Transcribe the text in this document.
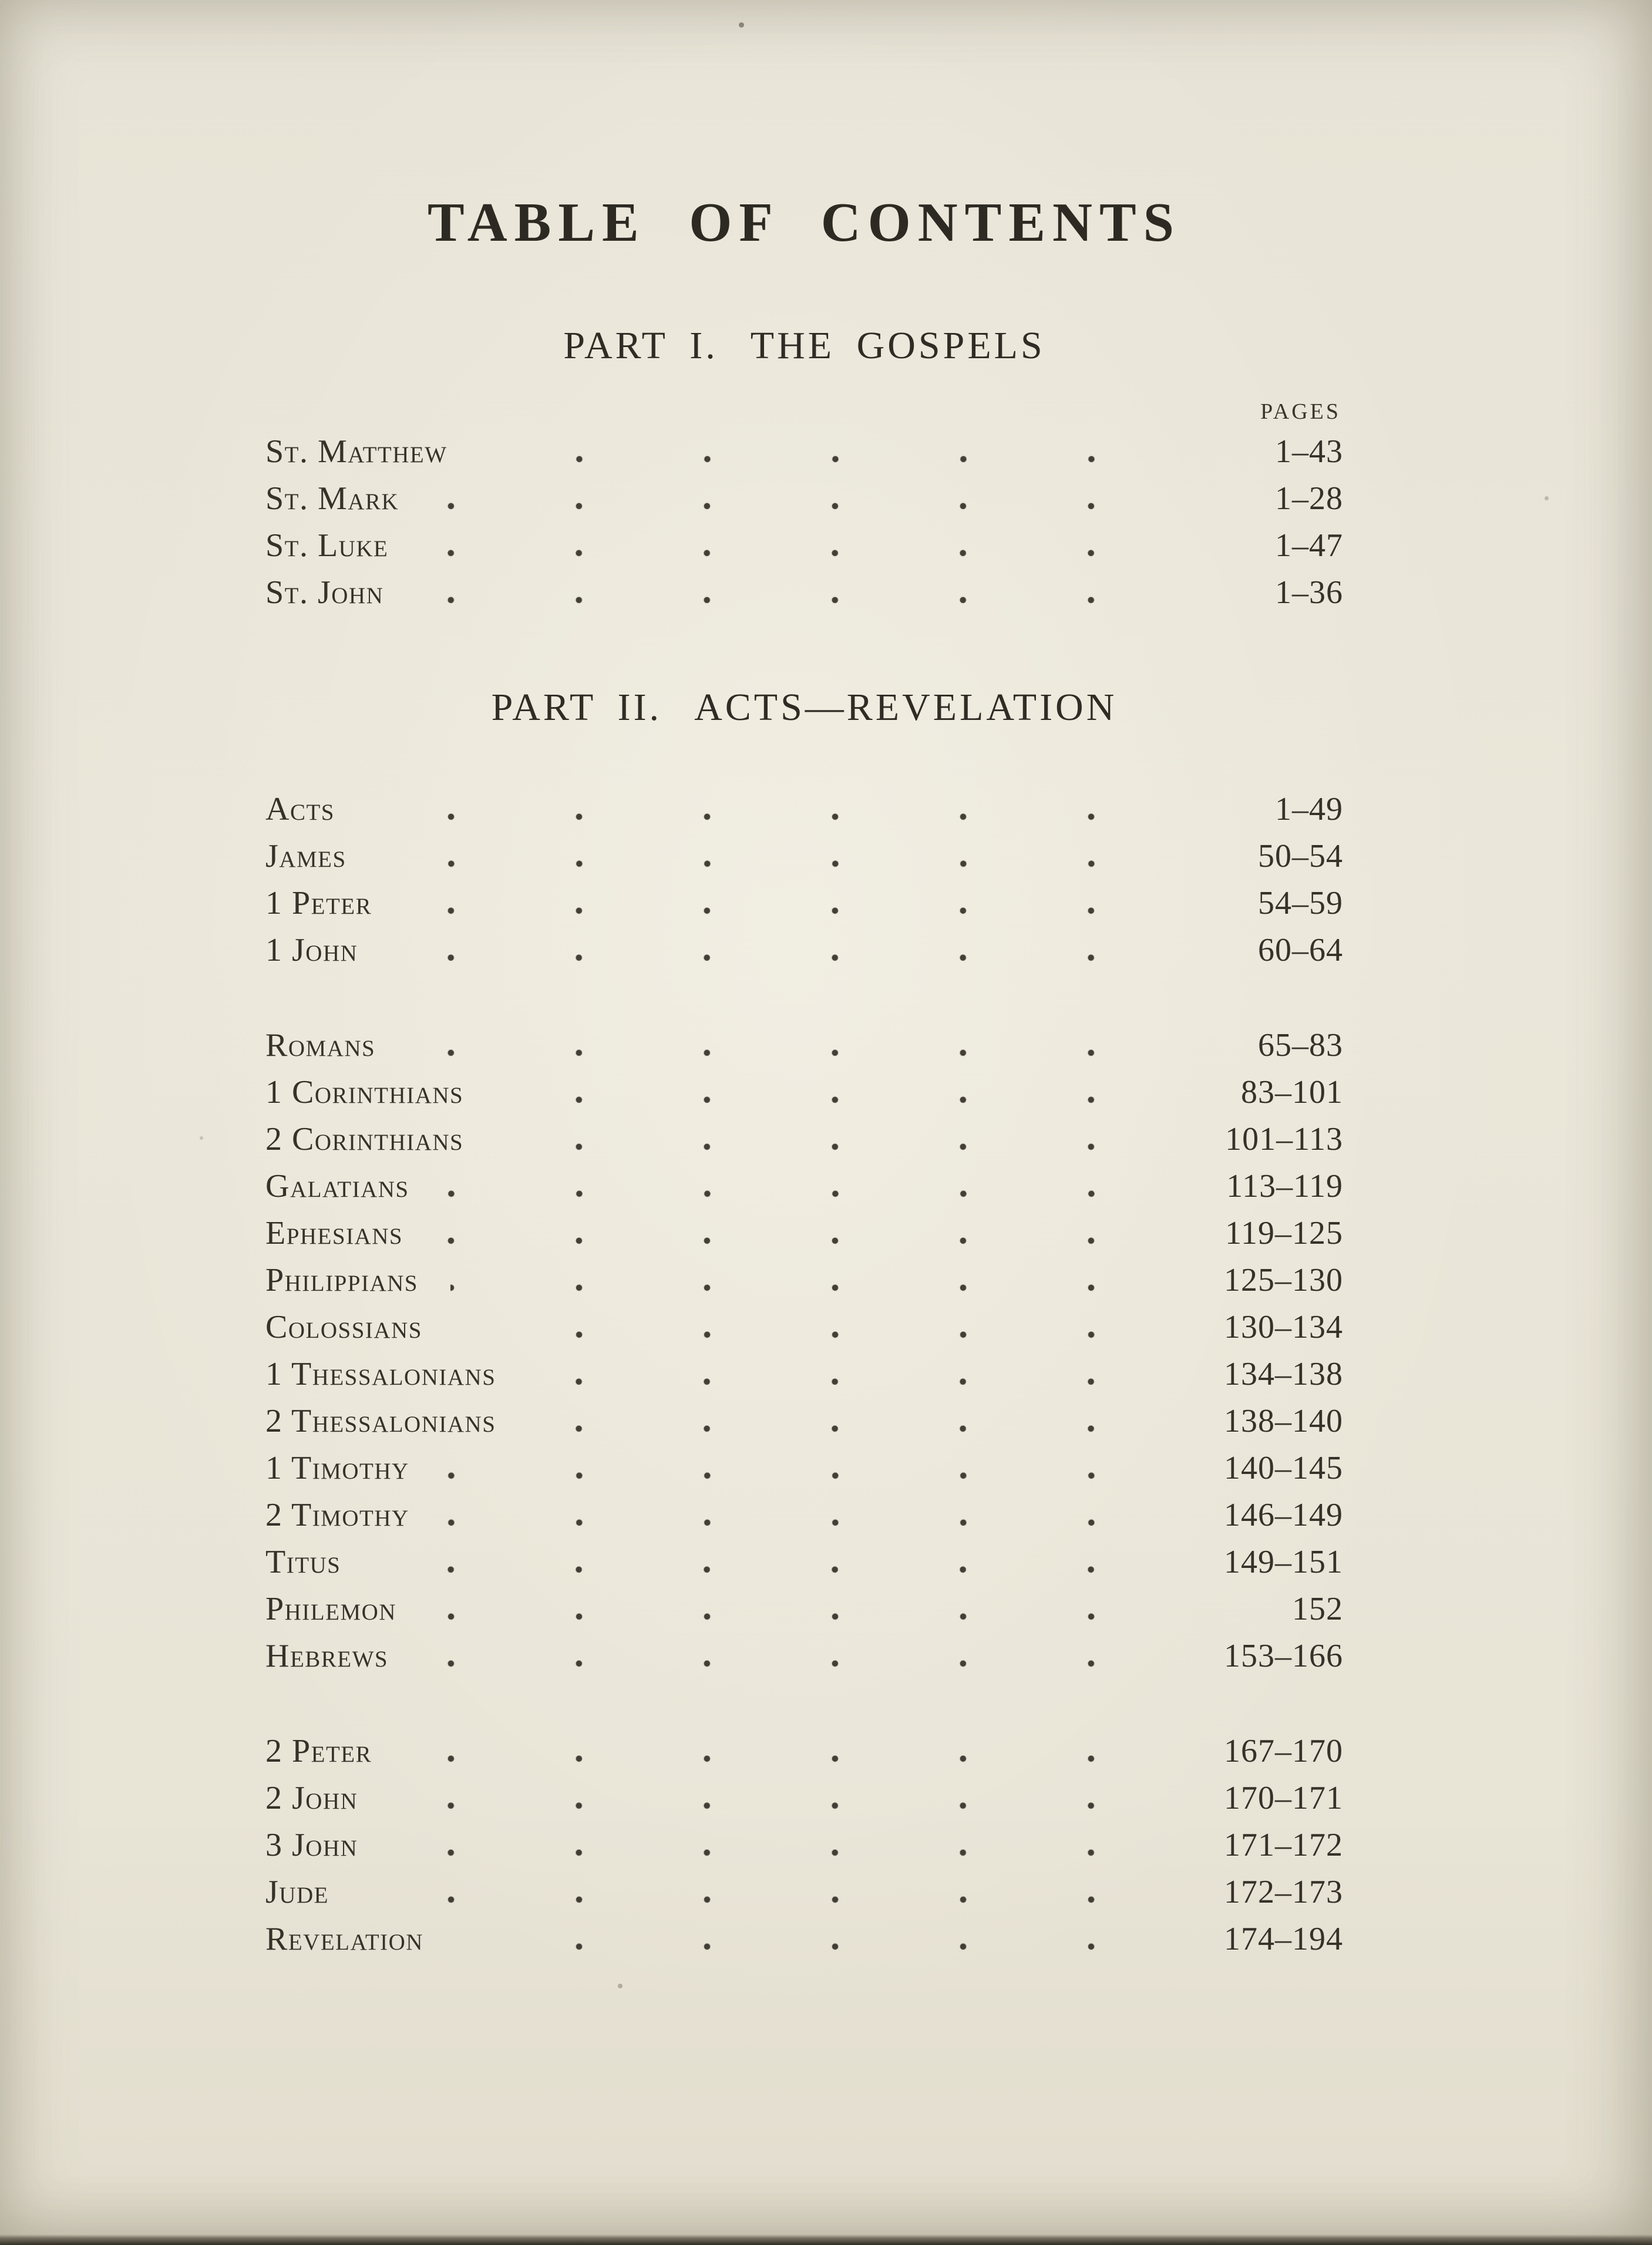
TABLE OF CONTENTS
PART I. THE GOSPELS
PAGES
St. Matthew	1–43
St. Mark	1–28
St. Luke	1–47
St. John	1–36
PART II. ACTS—REVELATION
Acts	1–49
James	50–54
1 Peter	54–59
1 John	60–64
Romans	65–83
1 Corinthians	83–101
2 Corinthians	101–113
Galatians	113–119
Ephesians	119–125
Philippians	125–130
Colossians	130–134
1 Thessalonians	134–138
2 Thessalonians	138–140
1 Timothy	140–145
2 Timothy	146–149
Titus	149–151
Philemon	152
Hebrews	153–166
2 Peter	167–170
2 John	170–171
3 John	171–172
Jude	172–173
Revelation	174–194
